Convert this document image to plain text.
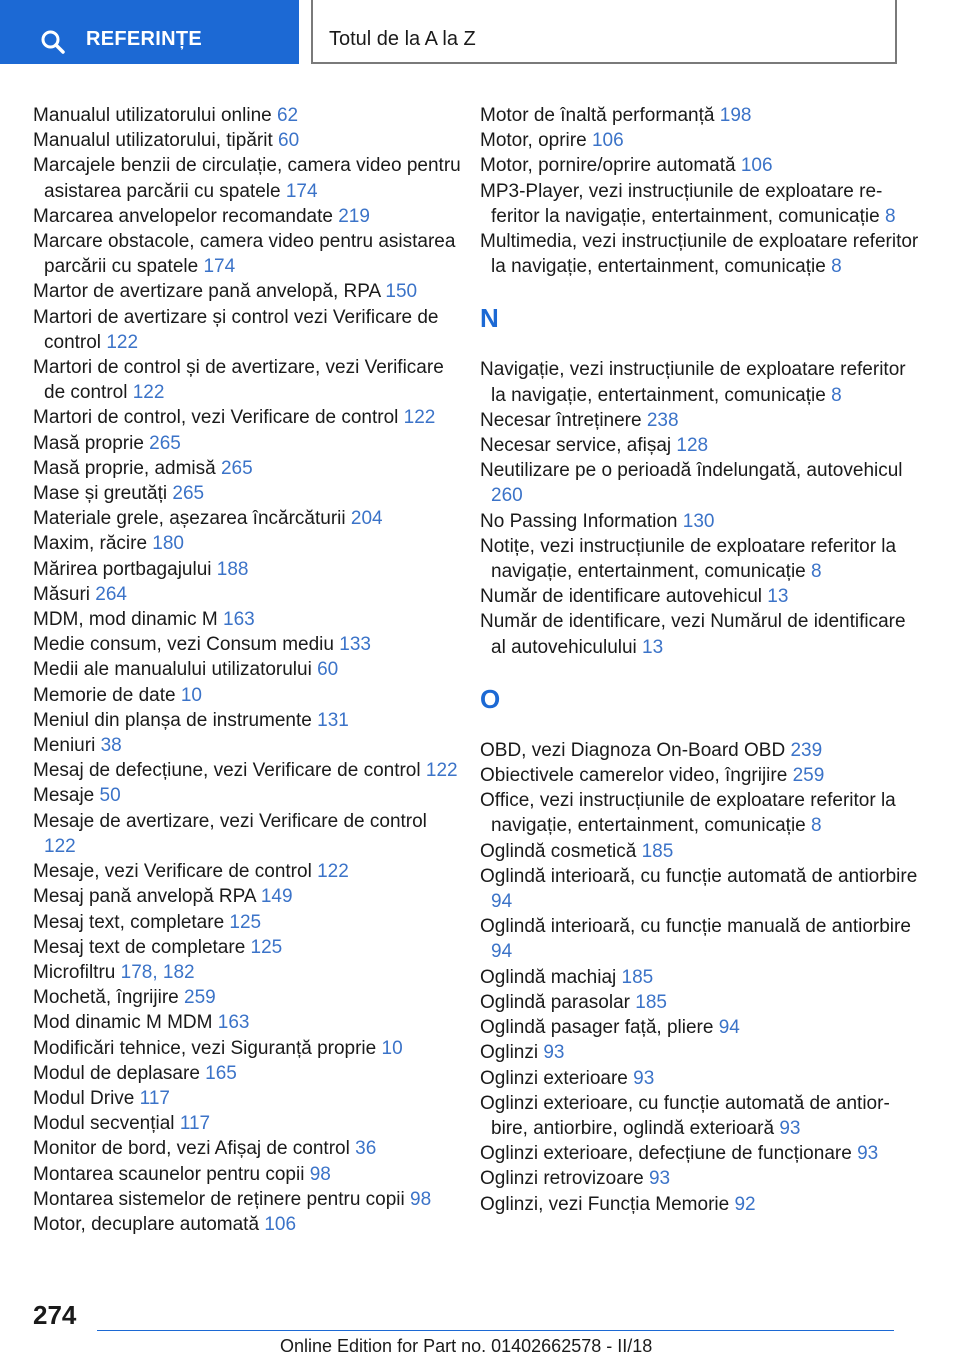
REFERINȚE	Totul de la A la Z
Manualul utilizatorului online 62
Manualul utilizatorului, tipărit 60
Marcajele benzii de circulație, camera video pentru asistarea parcării cu spatele 174
Marcarea anvelopelor recomandate 219
Marcare obstacole, camera video pentru asistarea parcării cu spatele 174
Martor de avertizare pană anvelopă, RPA 150
Martori de avertizare și control vezi Verificare de control 122
Martori de control și de avertizare, vezi Verificare de control 122
Martori de control, vezi Verificare de control 122
Masă proprie 265
Masă proprie, admisă 265
Mase și greutăți 265
Materiale grele, așezarea încărcăturii 204
Maxim, răcire 180
Mărirea portbagajului 188
Măsuri 264
MDM, mod dinamic M 163
Medie consum, vezi Consum mediu 133
Medii ale manualului utilizatorului 60
Memorie de date 10
Meniul din planșa de instrumente 131
Meniuri 38
Mesaj de defecțiune, vezi Verificare de control 122
Mesaje 50
Mesaje de avertizare, vezi Verificare de control 122
Mesaje, vezi Verificare de control 122
Mesaj pană anvelopă RPA 149
Mesaj text, completare 125
Mesaj text de completare 125
Microfiltru 178, 182
Mochetă, îngrijire 259
Mod dinamic M MDM 163
Modificări tehnice, vezi Siguranță proprie 10
Modul de deplasare 165
Modul Drive 117
Modul secvențial 117
Monitor de bord, vezi Afișaj de control 36
Montarea scaunelor pentru copii 98
Montarea sistemelor de reținere pentru copii 98
Motor, decuplare automată 106
Motor de înaltă performanță 198
Motor, oprire 106
Motor, pornire/oprire automată 106
MP3-Player, vezi instrucțiunile de exploatare referitor la navigație, entertainment, comunicație 8
Multimedia, vezi instrucțiunile de exploatare referitor la navigație, entertainment, comunicație 8
N
Navigație, vezi instrucțiunile de exploatare referitor la navigație, entertainment, comunicație 8
Necesar întreținere 238
Necesar service, afișaj 128
Neutilizare pe o perioadă îndelungată, autovehicul 260
No Passing Information 130
Notițe, vezi instrucțiunile de exploatare referitor la navigație, entertainment, comunicație 8
Număr de identificare autovehicul 13
Număr de identificare, vezi Numărul de identificare al autovehiculului 13
O
OBD, vezi Diagnoza On-Board OBD 239
Obiectivele camerelor video, îngrijire 259
Office, vezi instrucțiunile de exploatare referitor la navigație, entertainment, comunicație 8
Oglindă cosmetică 185
Oglindă interioară, cu funcție automată de antiorbire 94
Oglindă interioară, cu funcție manuală de antiorbire 94
Oglindă machiaj 185
Oglindă parasolar 185
Oglindă pasager față, pliere 94
Oglinzi 93
Oglinzi exterioare 93
Oglinzi exterioare, cu funcție automată de antiorbire, antiorbire, oglindă exterioară 93
Oglinzi exterioare, defecțiune de funcționare 93
Oglinzi retrovizoare 93
Oglinzi, vezi Funcția Memorie 92
274
Online Edition for Part no. 01402662578 - II/18
